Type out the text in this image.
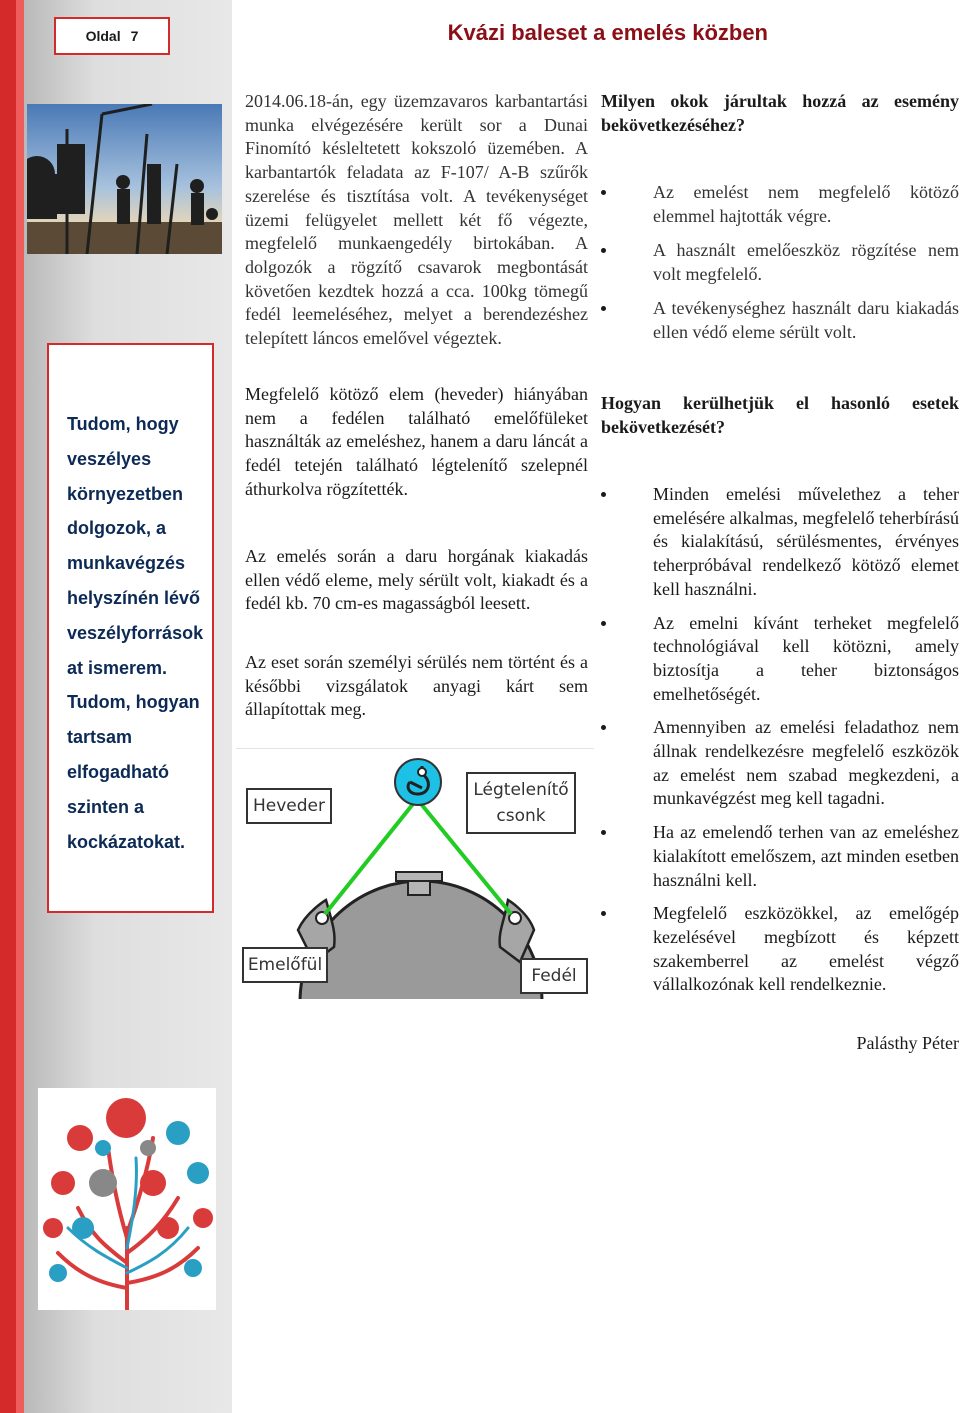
Oldal 7	Kvázi baleset a emelés közben
Tudom, hogy veszélyes környezetben dolgozok, a munkavégzés helyszínén lévő veszélyforrások at ismerem. Tudom, hogyan tartsam elfogadható szinten a kockázatokat.
2014.06.18-án, egy üzemzavaros karbantartási munka elvégezésére került sor a Dunai Finomító késleltetett kokszoló üzemében. A karbantartók feladata az F-107/ A-B szűrők szerelése és tisztítása volt. A tevékenységet üzemi felügyelet mellett két fő végezte, megfelelő munkaengedély birtokában. A dolgozók a rögzítő csavarok megbontását követően kezdtek hozzá a cca. 100kg tömegű fedél leemeléséhez, melyet a berendezéshez telepített láncos emelővel végeztek.
Megfelelő kötöző elem (heveder) hiányában nem a fedélen található emelőfüleket használták az emeléshez, hanem a daru láncát a fedél tetején található légtelenítő szelepnél áthurkolva rögzítették.
Az emelés során a daru horgának kiakadás ellen védő eleme, mely sérült volt, kiakadt és a fedél kb. 70 cm-es magasságból leesett.
Az eset során személyi sérülés nem történt és a későbbi vizsgálatok anyagi kárt sem állapítottak meg.
Heveder
Légtelenítő csonk
Emelőfül
Fedél
Milyen okok járultak hozzá az esemény bekövetkezéséhez?
Az emelést nem megfelelő kötöző elemmel hajtották végre.
A használt emelőeszköz rögzítése nem volt megfelelő.
A tevékenységhez használt daru kiakadás ellen védő eleme sérült volt.
Hogyan kerülhetjük el hasonló esetek bekövetkezését?
Minden emelési művelethez a teher emelésére alkalmas, megfelelő teherbírású és kialakítású, sérülésmentes, érvényes teherpróbával rendelkező kötöző elemet kell használni.
Az emelni kívánt terheket megfelelő technológiával kell kötözni, amely biztosítja a teher biztonságos emelhetőségét.
Amennyiben az emelési feladathoz nem állnak rendelkezésre megfelelő eszközök az emelést nem szabad megkezdeni, a munkavégzést meg kell tagadni.
Ha az emelendő terhen van az emeléshez kialakított emelőszem, azt minden esetben használni kell.
Megfelelő eszközökkel, az emelőgép kezelésével megbízott és képzett szakemberrel az emelést végző vállalkozónak kell rendelkeznie.
Palásthy Péter
